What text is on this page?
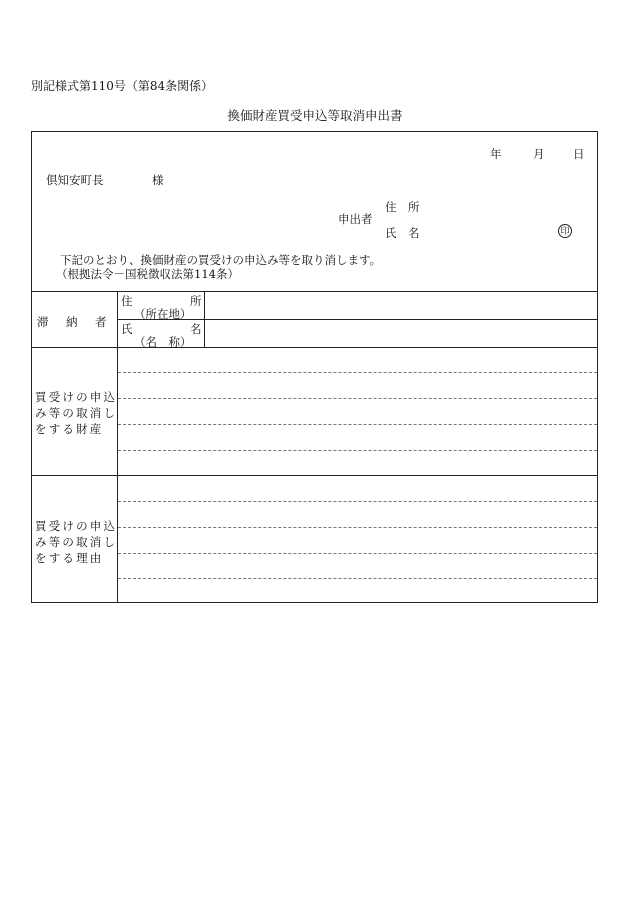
別記様式第110号（第84条関係）
換価財産買受申込等取消申出書
年	月 日
倶知安町長	様
住 所
申出者
氏 名	印
下記のとおり、換価財産の買受けの申込み等を取り消します。
（根拠法令－国税徴収法第114条）
滞　納　者
住	所
（所在地）
氏	名
（名　称）
買受けの申込
み等の取消し
をする財産
買受けの申込
み等の取消し
をする理由
